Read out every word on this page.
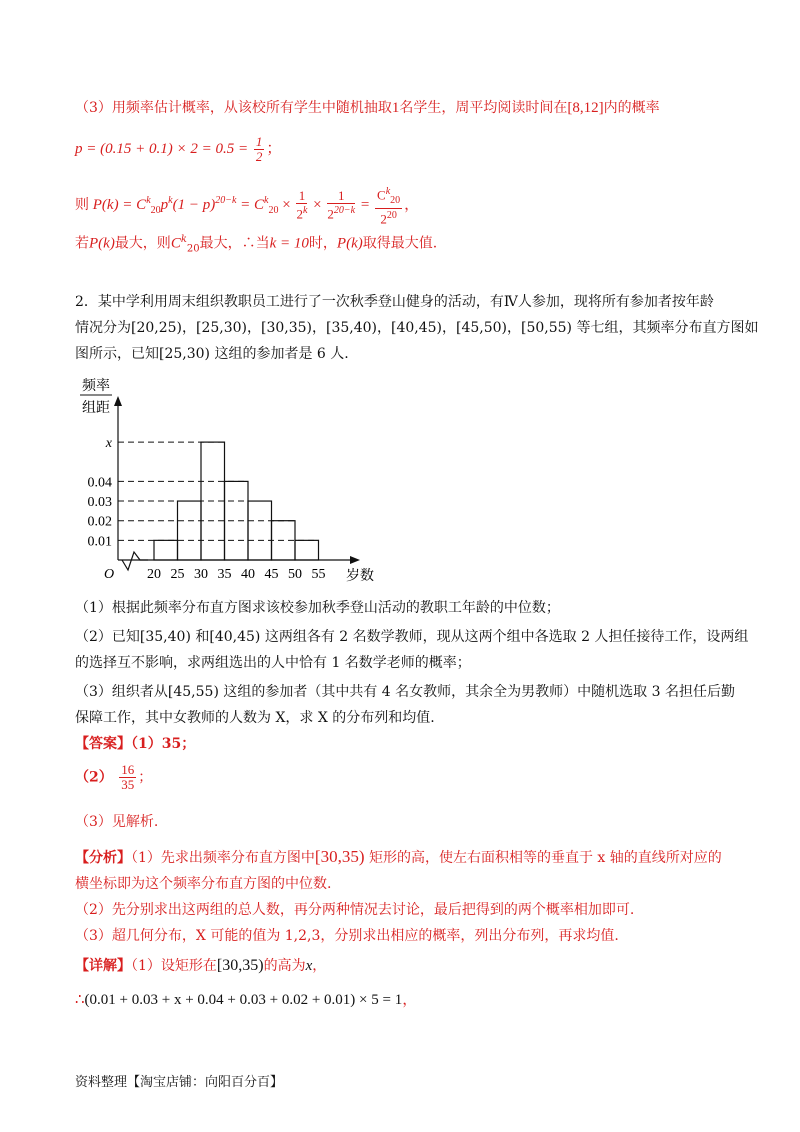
（3）用频率估计概率，从该校所有学生中随机抽取1名学生，周平均阅读时间在[8,12]内的概率
$p = (0.15 + 0.1) \times 2 = 0.5 = \frac{1}{2}$ ；
则 $P(k) = C^k_{20}p^k(1 - p)^{20-k} = C^k_{20} \times \frac{1}{2^k} \times \frac{1}{2^{20-k}} = \frac{C^k_{20}}{2^{20}}$ ，
若P(k)最大，则$C^k_{20}$最大，∴当k = 10时，P(k)取得最大值.
2．某中学利用周末组织教职员工进行了一次秋季登山健身的活动，有Ⅳ人参加，现将所有参加者按年龄
情况分为[20,25)，[25,30)，[30,35)，[35,40)，[40,45)，[45,50)，[50,55) 等七组，其频率分布直方图如
图所示，已知[25,30) 这组的参加者是 6 人.
频率
组距
O	岁数
0.01
0.02
0.03
0.04
x
20 25 30 35 40 45 50 55
（1）根据此频率分布直方图求该校参加秋季登山活动的教职工年龄的中位数；
（2）已知[35,40) 和[40,45) 这两组各有 2 名数学教师，现从这两个组中各选取 2 人担任接待工作，设两组
的选择互不影响，求两组选出的人中恰有 1 名数学老师的概率；
（3）组织者从[45,55) 这组的参加者（其中共有 4 名女教师，其余全为男教师）中随机选取 3 名担任后勤
保障工作，其中女教师的人数为 X，求 X 的分布列和均值.
【答案】（1）35；
$(2) \frac{16}{35}$ ；
（3）见解析.
【分析】（1）先求出频率分布直方图中[30,35) 矩形的高，使左右面积相等的垂直于 x 轴的直线所对应的
横坐标即为这个频率分布直方图的中位数.
（2）先分别求出这两组的总人数，再分两种情况去讨论，最后把得到的两个概率相加即可.
（3）超几何分布，X 可能的值为 1,2,3，分别求出相应的概率，列出分布列，再求均值.
【详解】（1）设矩形在[30,35)的高为x，
∴(0.01 + 0.03 + x + 0.04 + 0.03 + 0.02 + 0.01) × 5 = 1，
资料整理【淘宝店铺：向阳百分百】
